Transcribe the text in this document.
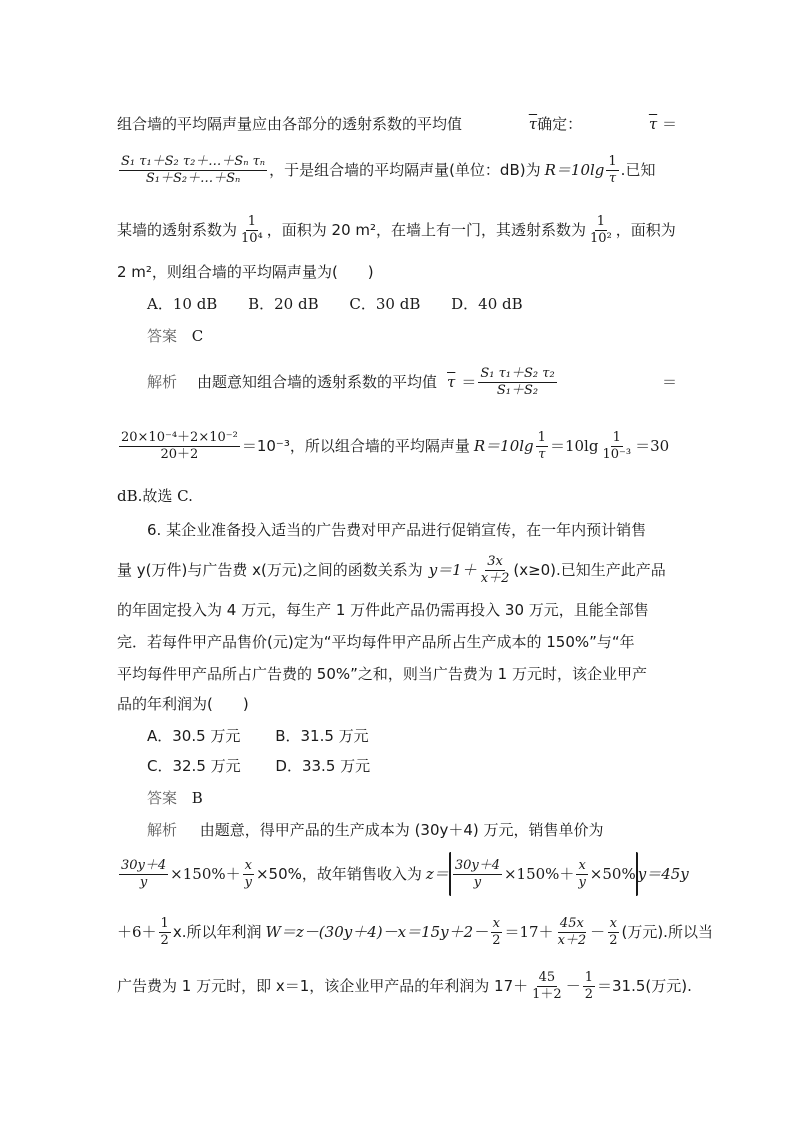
组合墙的平均隔声量应由各部分的透射系数的平均值	$\overline{\tau}$确定：	$\overline{\tau}$ ＝
$\frac{\text{S₁ τ₁＋S₂ τ₂＋…＋Sₙ τₙ}}{\text{S₁＋S₂＋…＋Sₙ}}$ ，于是组合墙的平均隔声量(单位：dB)为 $R=10\lg \frac{1}{\tau}$ .已知
某墙的透射系数为 $\frac{1}{\text{10⁴}}$ ，面积为 20 m²，在墙上有一门，其透射系数为 $\frac{1}{\text{10²}}$ ，面积为
2 m²，则组合墙的平均隔声量为(　　)
A．10 dB B．20 dB C．30 dB D．40 dB
答案 C
解析 由题意知组合墙的透射系数的平均值 $\overline{\tau} = \frac{\text{S₁ τ₁＋S₂ τ₂}}{\text{S₁＋S₂}}$	＝
$\frac{\text{20×10⁻⁴＋2×10⁻²}}{20+2} =10^{-3}$，所以组合墙的平均隔声量 $R=10\lg \frac{1}{\tau} =10\lg \frac{1}{\text{10⁻³}} =30$
dB.故选 C.
6. 某企业准备投入适当的广告费对甲产品进行促销宣传，在一年内预计销售
量 y(万件)与广告费 x(万元)之间的函数关系为 $y=1+ \frac{3x}{x+2} (x\ge 0)$.已知生产此产品
的年固定投入为 4 万元，每生产 1 万件此产品仍需再投入 30 万元，且能全部售
完．若每件甲产品售价(元)定为“平均每件甲产品所占生产成本的 150%”与“年
平均每件甲产品所占广告费的 50%”之和，则当广告费为 1 万元时，该企业甲产
品的年利润为(　　)
A．30.5 万元 B．31.5 万元
C．32.5 万元 D．33.5 万元
答案 B
解析 由题意，得甲产品的生产成本为 (30y＋4) 万元，销售单价为
$\frac{30y+4}{y} \times 150\%+ \frac{x}{y} \times 50\%$，故年销售收入为 $z= \frac{30y+4}{y} \times 150\%+ \frac{x}{y} \times 50\%$ y＝45y
$+6+ \frac{1}{2} x$.所以年利润 $W=z-(30y+4)-x=15y+2- \frac{x}{2} =17+ \frac{45x}{x+2} - \frac{x}{2}$ (万元).所以当
广告费为 1 万元时，即 x＝1，该企业甲产品的年利润为 $17+ \frac{45}{1+2} - \frac{1}{2} =31.5$(万元).
